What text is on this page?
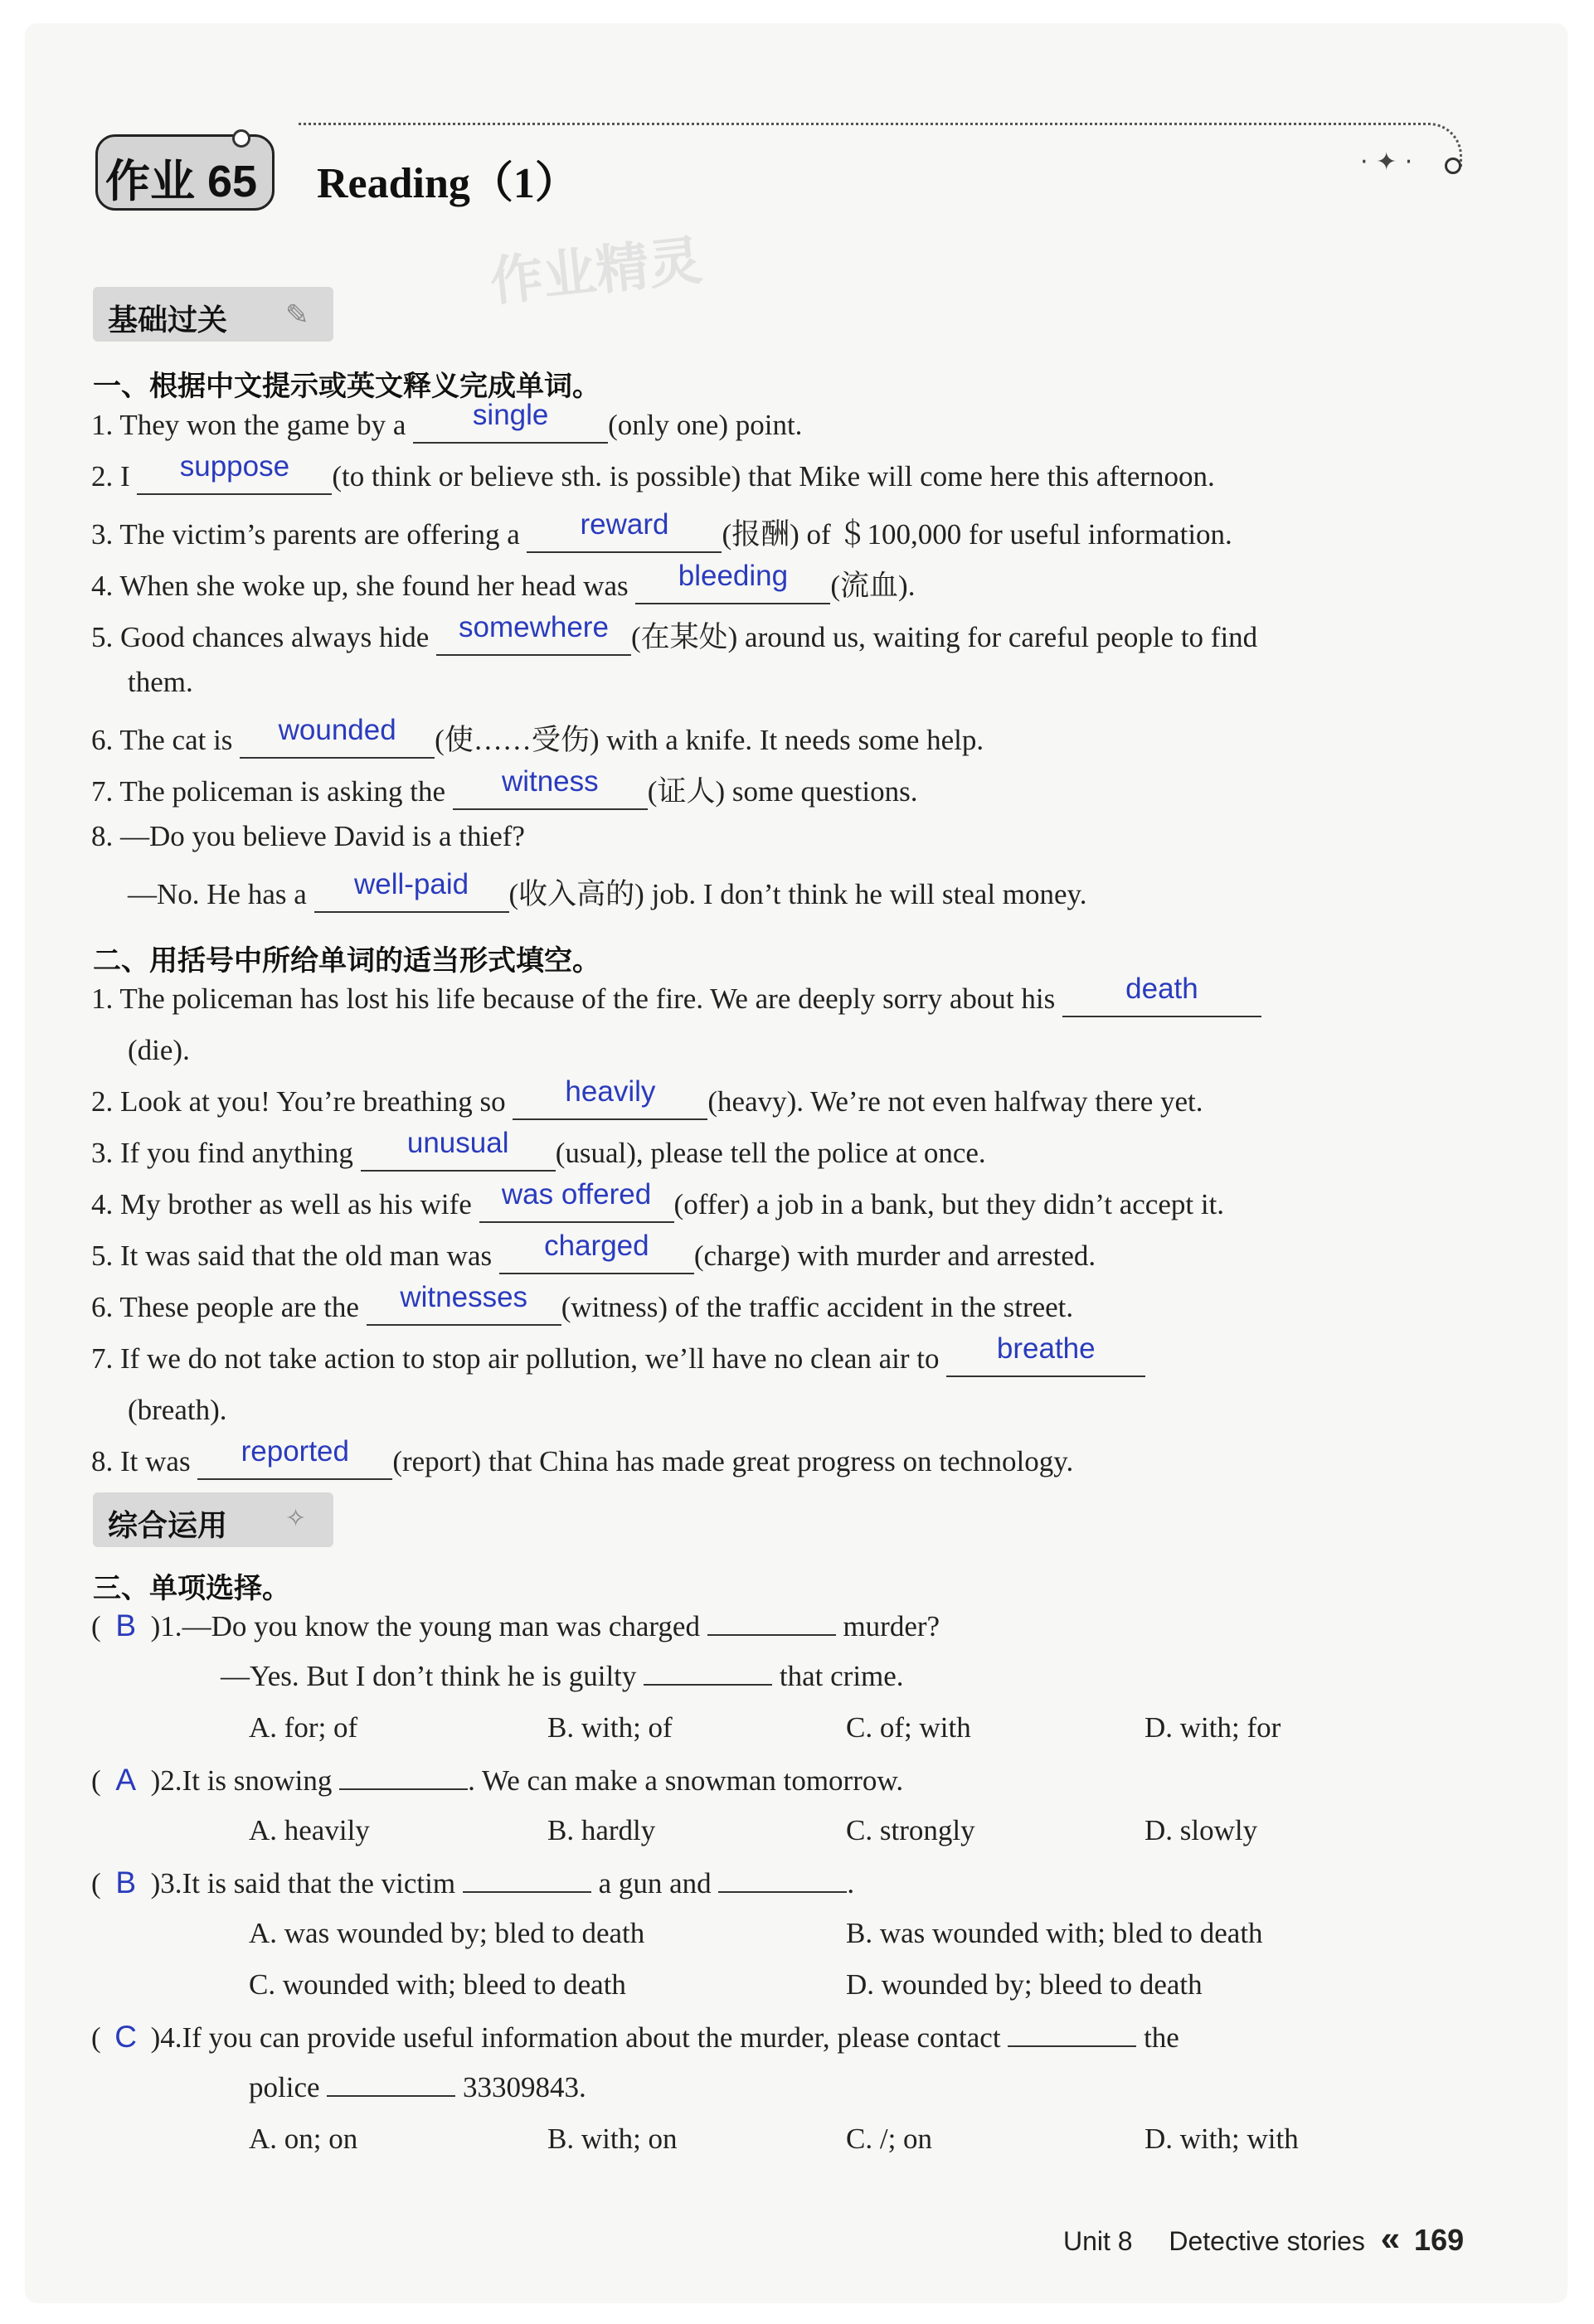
作业 65 Reading（1）	· ✦ ·
作业精灵
基础过关 ✎
一、根据中文提示或英文释义完成单词。
1. They won the game by a single (only one) point.
2. I suppose (to think or believe sth. is possible) that Mike will come here this afternoon.
3. The victim’s parents are offering a reward (报酬) of ＄100,000 for useful information.
4. When she woke up, she found her head was bleeding (流血).
5. Good chances always hide somewhere (在某处) around us, waiting for careful people to find
them.
6. The cat is wounded (使……受伤) with a knife. It needs some help.
7. The policeman is asking the witness (证人) some questions.
8. —Do you believe David is a thief?
—No. He has a well-paid (收入高的) job. I don’t think he will steal money.
二、用括号中所给单词的适当形式填空。
1. The policeman has lost his life because of the fire. We are deeply sorry about his death
(die).
2. Look at you! You’re breathing so heavily (heavy). We’re not even halfway there yet.
3. If you find anything unusual (usual), please tell the police at once.
4. My brother as well as his wife was offered (offer) a job in a bank, but they didn’t accept it.
5. It was said that the old man was charged (charge) with murder and arrested.
6. These people are the witnesses (witness) of the traffic accident in the street.
7. If we do not take action to stop air pollution, we’ll have no clean air to breathe
(breath).
8. It was reported (report) that China has made great progress on technology.
综合运用 ✧
三、单项选择。
( B )1.—Do you know the young man was charged	murder?
—Yes. But I don’t think he is guilty	that crime.
A. for; of	B. with; of	C. of; with	D. with; for
( A )2.It is snowing	. We can make a snowman tomorrow.
A. heavily	B. hardly	C. strongly	D. slowly
( B )3.It is said that the victim	a gun and	.
A. was wounded by; bled to death	B. was wounded with; bled to death
C. wounded with; bleed to death	D. wounded by; bleed to death
( C )4.If you can provide useful information about the murder, please contact	the
police	33309843.
A. on; on	B. with; on	C. /; on	D. with; with
Unit 8 Detective stories « 169
